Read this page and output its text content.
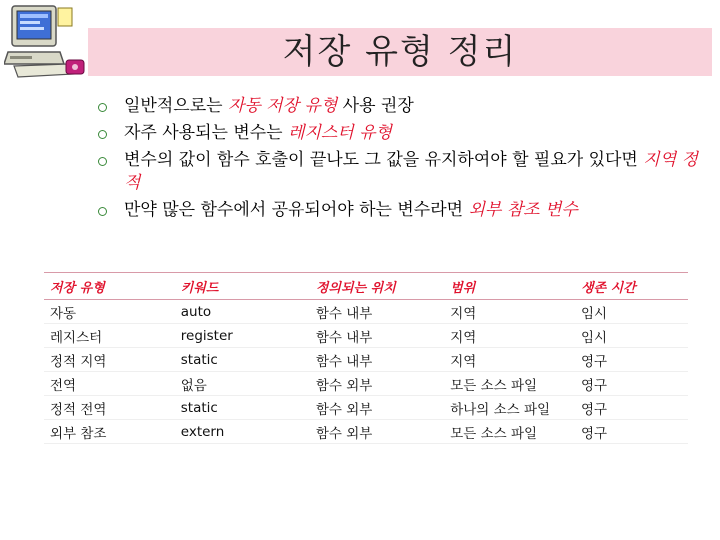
저장 유형 정리
일반적으로는 자동 저장 유형 사용 권장
자주 사용되는 변수는 레지스터 유형
변수의 값이 함수 호출이 끝나도 그 값을 유지하여야 할 필요가 있다면 지역 정적
만약 많은 함수에서 공유되어야 하는 변수라면 외부 참조 변수
저장 유형	키워드	정의되는 위치	범위	생존 시간
자동	auto	함수 내부	지역	임시
레지스터	register	함수 내부	지역	임시
정적 지역	static	함수 내부	지역	영구
전역	없음	함수 외부	모든 소스 파일	영구
정적 전역	static	함수 외부	하나의 소스 파일	영구
외부 참조	extern	함수 외부	모든 소스 파일	영구
